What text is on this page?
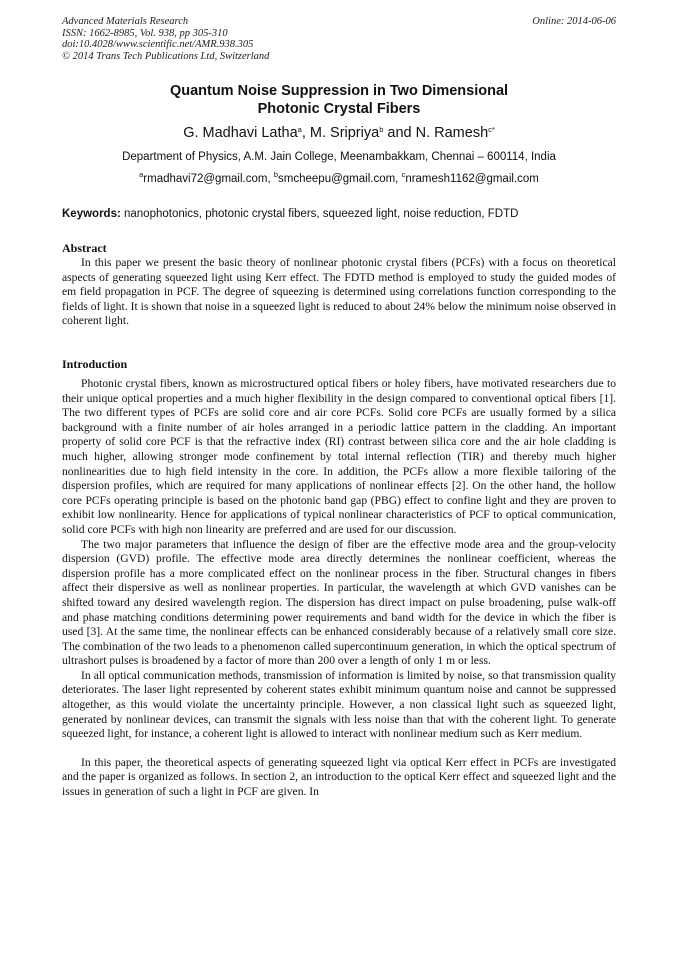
Advanced Materials Research
ISSN: 1662-8985, Vol. 938, pp 305-310
doi:10.4028/www.scientific.net/AMR.938.305
© 2014 Trans Tech Publications Ltd, Switzerland
Online: 2014-06-06
Quantum Noise Suppression in Two Dimensional
Photonic Crystal Fibers
G. Madhavi Latha$^a$, M. Sripriya$^b$ and N. Ramesh$^{c*}$
Department of Physics, A.M. Jain College, Meenambakkam, Chennai – 600114, India
$^a$rmadhavi72@gmail.com, $^b$smcheepu@gmail.com, $^c$nramesh1162@gmail.com
Keywords: nanophotonics, photonic crystal fibers, squeezed light, noise reduction, FDTD
Abstract

In this paper we present the basic theory of nonlinear photonic crystal fibers (PCFs) with a focus on theoretical aspects of generating squeezed light using Kerr effect. The FDTD method is employed to study the guided modes of em field propagation in PCF. The degree of squeezing is determined using correlations function corresponding to the fields of light. It is shown that noise in a squeezed light is reduced to about 24% below the minimum noise observed in coherent light.

Introduction

Photonic crystal fibers, known as microstructured optical fibers or holey fibers, have motivated researchers due to their unique optical properties and a much higher flexibility in the design compared to conventional optical fibers [1]. The two different types of PCFs are solid core and air core PCFs. Solid core PCFs are usually formed by a silica background with a finite number of air holes arranged in a periodic lattice pattern in the cladding. An important property of solid core PCF is that the refractive index (RI) contrast between silica core and the air hole cladding is much higher, allowing stronger mode confinement by total internal reflection (TIR) and thereby much higher nonlinearities due to high field intensity in the core. In addition, the PCFs allow a more flexible tailoring of the dispersion profiles, which are required for many applications of nonlinear effects [2]. On the other hand, the hollow core PCFs operating principle is based on the photonic band gap (PBG) effect to confine light and they are proven to exhibit low nonlinearity. Hence for applications of typical nonlinear characteristics of PCF to optical communication, solid core PCFs with high non linearity are preferred and are used for our discussion.

The two major parameters that influence the design of fiber are the effective mode area and the group-velocity dispersion (GVD) profile. The effective mode area directly determines the nonlinear coefficient, whereas the dispersion profile has a more complicated effect on the nonlinear process in the fiber. Structural changes in fibers affect their dispersive as well as nonlinear properties. In particular, the wavelength at which GVD vanishes can be shifted toward any desired wavelength region. The dispersion has direct impact on pulse broadening, pulse walk-off and phase matching conditions determining power requirements and band width for the device in which the fiber is used [3]. At the same time, the nonlinear effects can be enhanced considerably because of a relatively small core size. The combination of the two leads to a phenomenon called supercontinuum generation, in which the optical spectrum of ultrashort pulses is broadened by a factor of more than 200 over a length of only 1 m or less.

In all optical communication methods, transmission of information is limited by noise, so that transmission quality deteriorates. The laser light represented by coherent states exhibit minimum quantum noise and cannot be suppressed altogether, as this would violate the uncertainty principle. However, a non classical light such as squeezed light, generated by nonlinear devices, can transmit the signals with less noise than that with the coherent light. To generate squeezed light, for instance, a coherent light is allowed to interact with nonlinear medium such as Kerr medium.

In this paper, the theoretical aspects of generating squeezed light via optical Kerr effect in PCFs are investigated and the paper is organized as follows. In section 2, an introduction to the optical Kerr effect and squeezed light and the issues in generation of such a light in PCF are given. In
